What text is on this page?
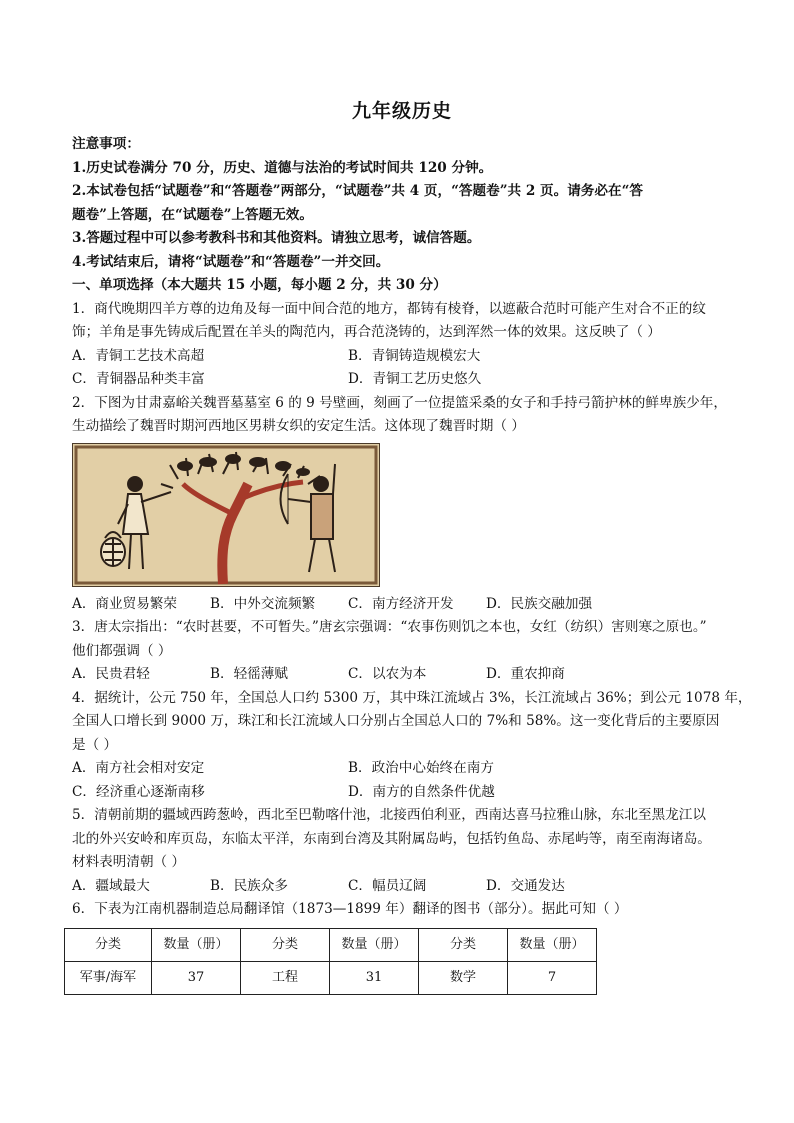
九年级历史
注意事项：
1.历史试卷满分 70 分，历史、道德与法治的考试时间共 120 分钟。
2.本试卷包括“试题卷”和“答题卷”两部分，“试题卷”共 4 页，“答题卷”共 2 页。请务必在“答
题卷”上答题，在“试题卷”上答题无效。
3.答题过程中可以参考教科书和其他资料。请独立思考，诚信答题。
4.考试结束后，请将“试题卷”和“答题卷”一并交回。
一、单项选择（本大题共 15 小题，每小题 2 分，共 30 分）
1．商代晚期四羊方尊的边角及每一面中间合范的地方，都铸有棱脊，以遮蔽合范时可能产生对合不正的纹
饰；羊角是事先铸成后配置在羊头的陶范内，再合范浇铸的，达到浑然一体的效果。这反映了（ ）
A．青铜工艺技术高超	B．青铜铸造规模宏大
C．青铜器品种类丰富	D．青铜工艺历史悠久
2．下图为甘肃嘉峪关魏晋墓墓室 6 的 9 号壁画，刻画了一位提篮采桑的女子和手持弓箭护林的鲜卑族少年，
生动描绘了魏晋时期河西地区男耕女织的安定生活。这体现了魏晋时期（ ）
A．商业贸易繁荣	B．中外交流频繁	C．南方经济开发	D．民族交融加强
3．唐太宗指出：“农时甚要，不可暂失。”唐玄宗强调：“农事伤则饥之本也，女红（纺织）害则寒之原也。”
他们都强调（ ）
A．民贵君轻	B．轻徭薄赋	C．以农为本	D．重农抑商
4．据统计，公元 750 年，全国总人口约 5300 万，其中珠江流域占 3%，长江流域占 36%；到公元 1078 年，
全国人口增长到 9000 万，珠江和长江流域人口分别占全国总人口的 7%和 58%。这一变化背后的主要原因
是（ ）
A．南方社会相对安定	B．政治中心始终在南方
C．经济重心逐渐南移	D．南方的自然条件优越
5．清朝前期的疆域西跨葱岭，西北至巴勒喀什池，北接西伯利亚，西南达喜马拉雅山脉，东北至黑龙江以
北的外兴安岭和库页岛，东临太平洋，东南到台湾及其附属岛屿，包括钓鱼岛、赤尾屿等，南至南海诸岛。
材料表明清朝（ ）
A．疆域最大	B．民族众多	C．幅员辽阔	D．交通发达
6．下表为江南机器制造总局翻译馆（1873—1899 年）翻译的图书（部分）。据此可知（ ）
分类	数量（册）	分类	数量（册）	分类	数量（册）
军事/海军	37	工程	31	数学	7
